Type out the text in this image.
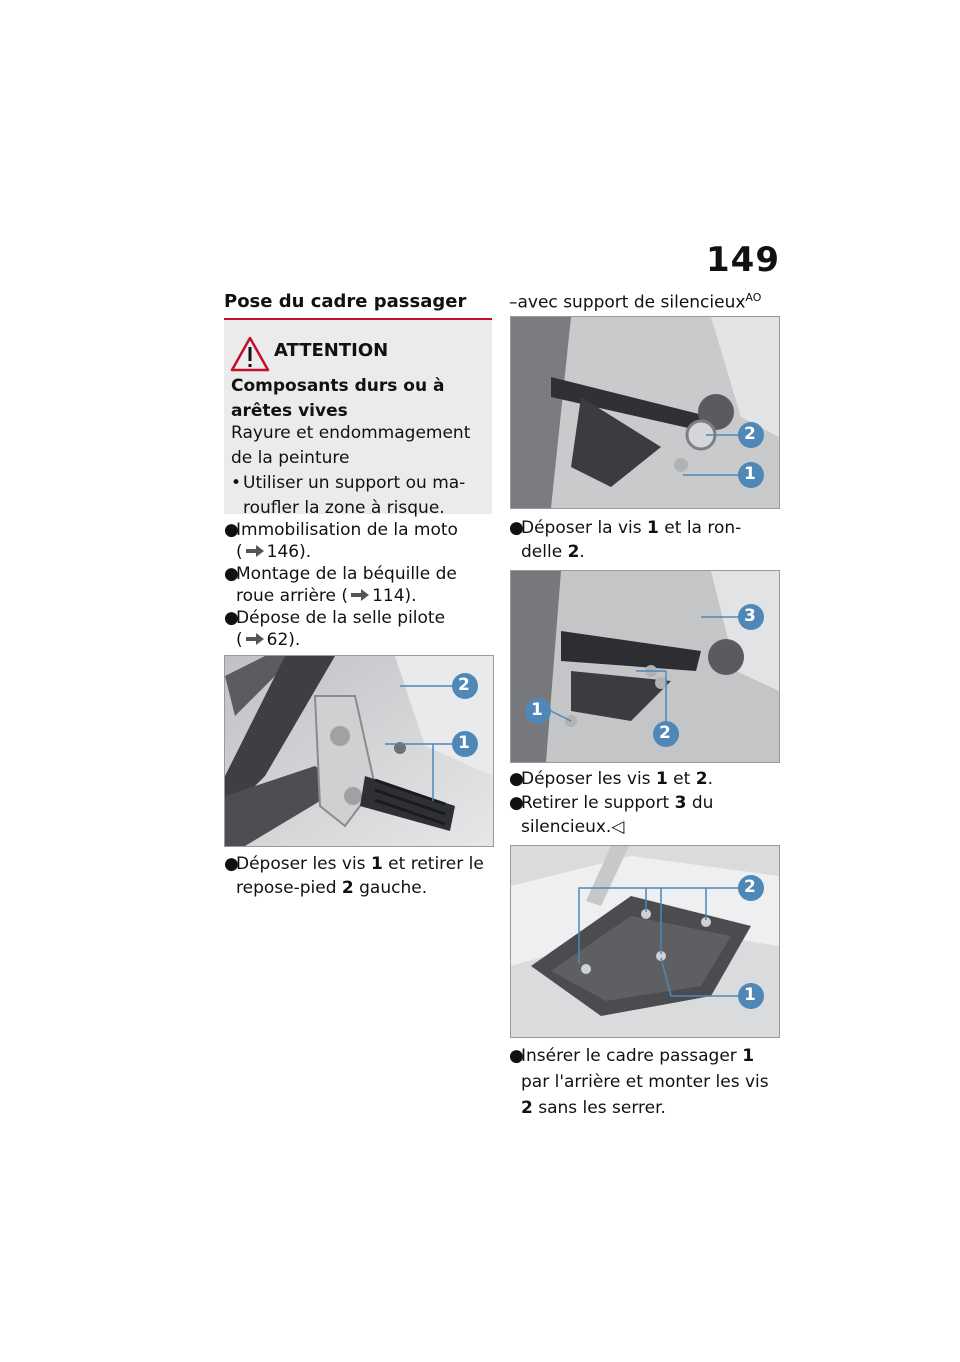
149
Pose du cadre passager
ATTENTION
Composants durs ou à arêtes vives
Rayure et endommagement de la peinture
• Utiliser un support ou ma-roufler la zone à risque.
●
Immobilisation de la moto
( 146).
●
Montage de la béquille de roue arrière ( 114).
●
Dépose de la selle pilote
( 62).
2
1
●
Déposer les vis 1 et retirer le repose-pied 2 gauche.
–avec support de silencieux$^{AO}$
2
1
●
Déposer la vis 1 et la ron-delle 2.
3
2
1
●
Déposer les vis 1 et 2.
●
Retirer le support 3 du silencieux.◁
2
1
●
Insérer le cadre passager 1 par l'arrière et monter les vis 2 sans les serrer.
